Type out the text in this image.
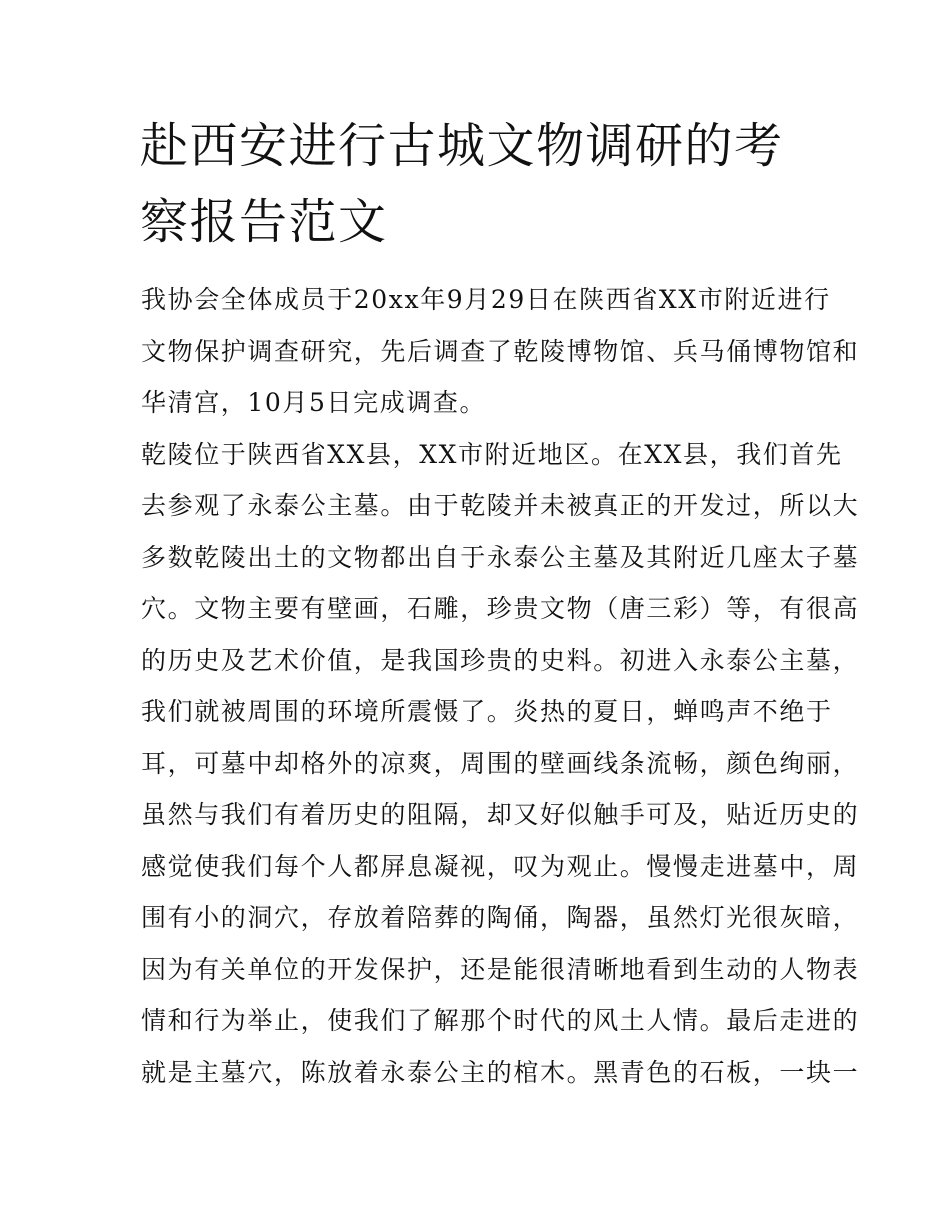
赴西安进行古城文物调研的考
察报告范文
我协会全体成员于20xx年9月29日在陕西省XX市附近进行
文物保护调查研究，先后调查了乾陵博物馆、兵马俑博物馆和
华清宫，10月5日完成调查。
乾陵位于陕西省XX县，XX市附近地区。在XX县，我们首先
去参观了永泰公主墓。由于乾陵并未被真正的开发过，所以大
多数乾陵出土的文物都出自于永泰公主墓及其附近几座太子墓
穴。文物主要有壁画，石雕，珍贵文物（唐三彩）等，有很高
的历史及艺术价值，是我国珍贵的史料。初进入永泰公主墓，
我们就被周围的环境所震慑了。炎热的夏日，蝉鸣声不绝于
耳，可墓中却格外的凉爽，周围的壁画线条流畅，颜色绚丽，
虽然与我们有着历史的阻隔，却又好似触手可及，贴近历史的
感觉使我们每个人都屏息凝视，叹为观止。慢慢走进墓中，周
围有小的洞穴，存放着陪葬的陶俑，陶器，虽然灯光很灰暗，
因为有关单位的开发保护，还是能很清晰地看到生动的人物表
情和行为举止，使我们了解那个时代的风土人情。最后走进的
就是主墓穴，陈放着永泰公主的棺木。黑青色的石板，一块一
